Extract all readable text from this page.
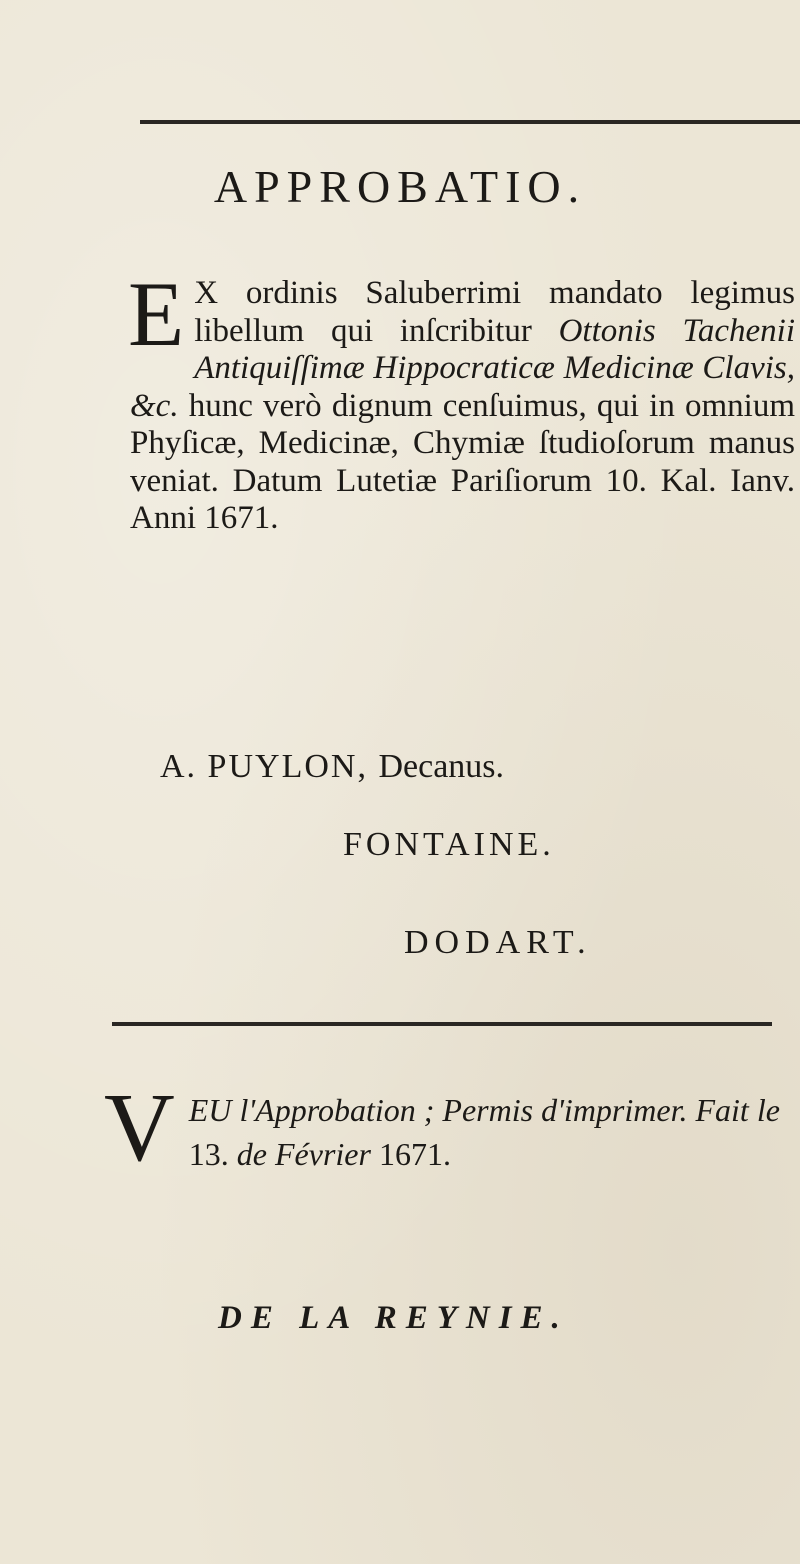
APPROBATIO.
E X ordinis Saluberrimi mandato legimus libellum qui inſcribitur Ottonis Tachenii Antiquiſſimæ Hippocraticæ Medicinæ Clavis, &c. hunc verò dignum cenſuimus, qui in omnium Phyſicæ, Medicinæ, Chymiæ ſtudioſorum manus veniat. Datum Lutetiæ Pariſiorum 10. Kal. Ianv. Anni 1671.
A. PUYLON, Decanus.
FONTAINE.
DODART.
V EU l'Approbation ; Permis d'imprimer. Fait le 13. de Février 1671.
DE LA REYNIE.
